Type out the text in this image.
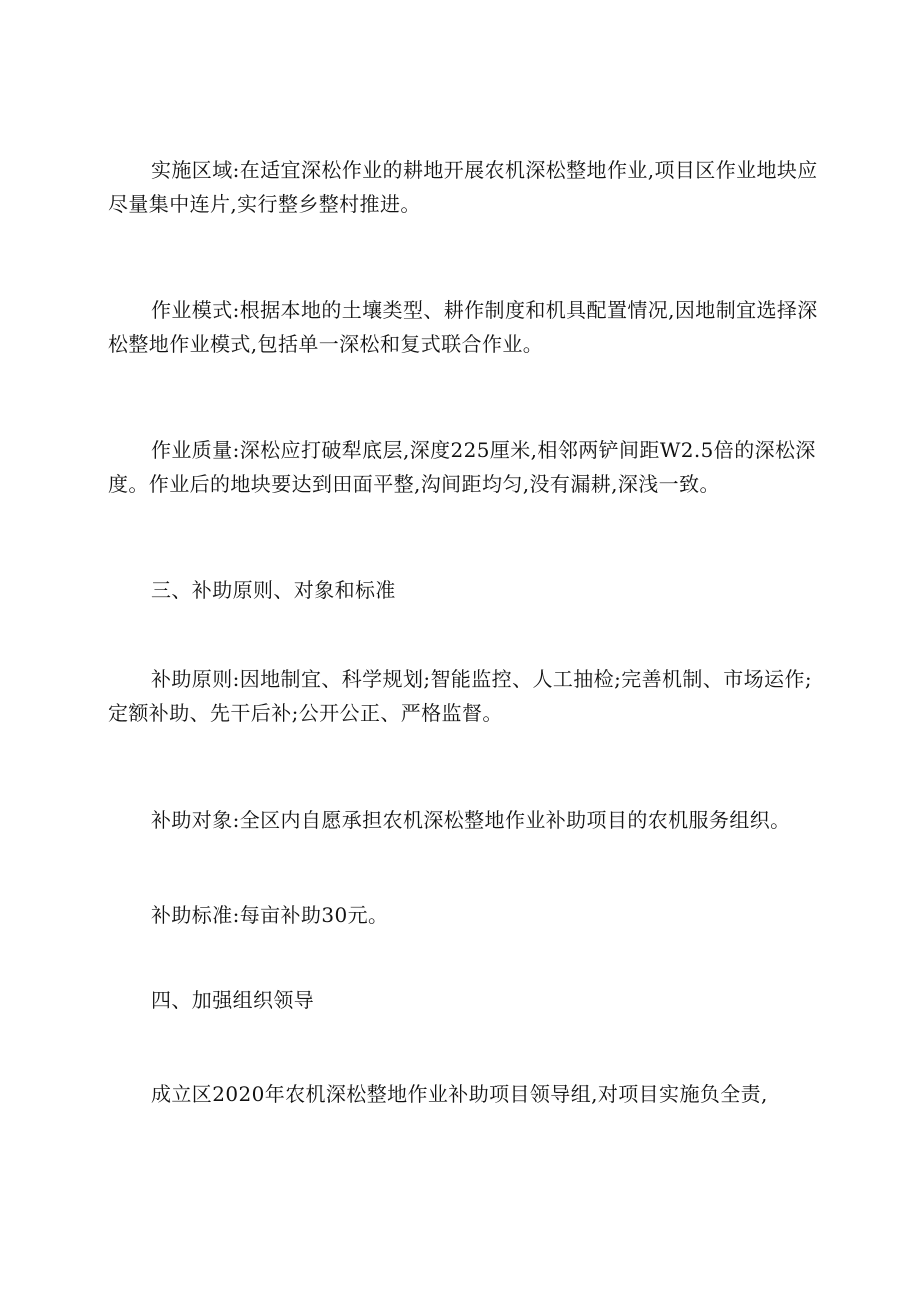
实施区域:在适宜深松作业的耕地开展农机深松整地作业,项目区作业地块应尽量集中连片,实行整乡整村推进。

作业模式:根据本地的土壤类型、耕作制度和机具配置情况,因地制宜选择深松整地作业模式,包括单一深松和复式联合作业。

作业质量:深松应打破犁底层,深度225厘米,相邻两铲间距W2.5倍的深松深度。作业后的地块要达到田面平整,沟间距均匀,没有漏耕,深浅一致。

三、补助原则、对象和标准

补助原则:因地制宜、科学规划;智能监控、人工抽检;完善机制、市场运作;定额补助、先干后补;公开公正、严格监督。

补助对象:全区内自愿承担农机深松整地作业补助项目的农机服务组织。

补助标准:每亩补助30元。

四、加强组织领导

成立区2020年农机深松整地作业补助项目领导组,对项目实施负全责,
